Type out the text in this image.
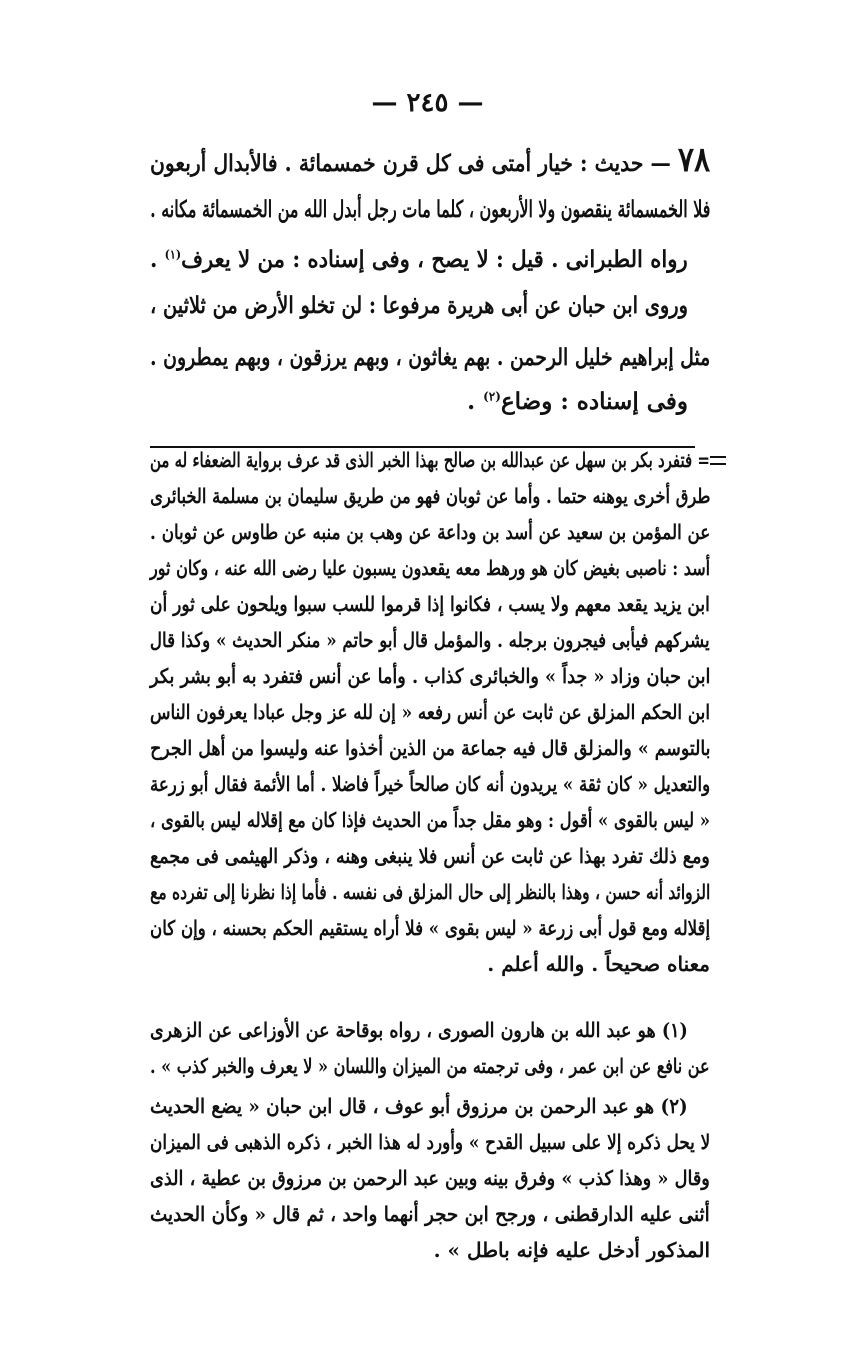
— ٢٤٥ —
٧٨ — حديث : خيار أمتى فى كل قرن خمسمائة . فالأبدال أربعون
فلا الخمسمائة ينقصون ولا الأربعون ، كلما مات رجل أبدل الله من الخمسمائة مكانه .
رواه الطبرانى . قيل : لا يصح ، وفى إسناده : من لا يعرف$^{(١)}$ .
وروى ابن حبان عن أبى هريرة مرفوعا : لن تخلو الأرض من ثلاثين ،
مثل إبراهيم خليل الرحمن . بهم يغاثون ، وبهم يرزقون ، وبهم يمطرون .
وفى إسناده : وضاع$^{(٢)}$ .
= فتفرد بكر بن سهل عن عبدالله بن صالح بهذا الخبر الذى قد عرف برواية الضعفاء له من
طرق أخرى يوهنه حتما . وأما عن ثوبان فهو من طريق سليمان بن مسلمة الخبائرى
عن المؤمن بن سعيد عن أسد بن وداعة عن وهب بن منبه عن طاوس عن ثوبان .
أسد : ناصبى بغيض كان هو ورهط معه يقعدون يسبون عليا رضى الله عنه ، وكان ثور
ابن يزيد يقعد معهم ولا يسب ، فكانوا إذا قرموا للسب سبوا ويلحون على ثور أن
يشركهم فيأبى فيجرون برجله . والمؤمل قال أبو حاتم « منكر الحديث » وكذا قال
ابن حبان وزاد « جداً » والخبائرى كذاب . وأما عن أنس فتفرد به أبو بشر بكر
ابن الحكم المزلق عن ثابت عن أنس رفعه « إن لله عز وجل عبادا يعرفون الناس
بالتوسم » والمزلق قال فيه جماعة من الذين أخذوا عنه وليسوا من أهل الجرح
والتعديل « كان ثقة » يريدون أنه كان صالحاً خيراً فاضلا . أما الأئمة فقال أبو زرعة
« ليس بالقوى » أقول : وهو مقل جداً من الحديث فإذا كان مع إقلاله ليس بالقوى ،
ومع ذلك تفرد بهذا عن ثابت عن أنس فلا ينبغى وهنه ، وذكر الهيثمى فى مجمع
الزوائد أنه حسن ، وهذا بالنظر إلى حال المزلق فى نفسه . فأما إذا نظرنا إلى تفرده مع
إقلاله ومع قول أبى زرعة « ليس بقوى » فلا أراه يستقيم الحكم بحسنه ، وإن كان
معناه صحيحاً . والله أعلم .
(١) هو عبد الله بن هارون الصورى ، رواه بوقاحة عن الأوزاعى عن الزهرى
عن نافع عن ابن عمر ، وفى ترجمته من الميزان واللسان « لا يعرف والخبر كذب » .
(٢) هو عبد الرحمن بن مرزوق أبو عوف ، قال ابن حبان « يضع الحديث
لا يحل ذكره إلا على سبيل القدح » وأورد له هذا الخبر ، ذكره الذهبى فى الميزان
وقال « وهذا كذب » وفرق بينه وبين عبد الرحمن بن مرزوق بن عطية ، الذى
أثنى عليه الدارقطنى ، ورجح ابن حجر أنهما واحد ، ثم قال « وكأن الحديث
المذكور أدخل عليه فإنه باطل » .
